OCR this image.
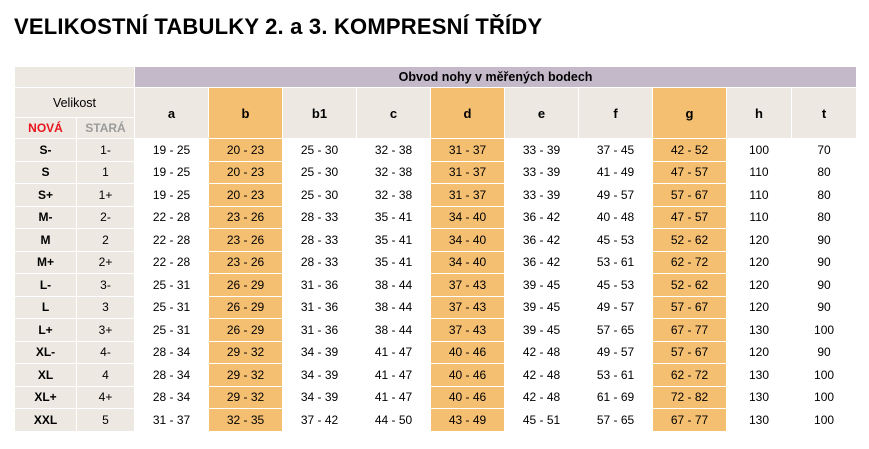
VELIKOSTNÍ TABULKY 2. a 3. KOMPRESNÍ TŘÍDY
		Obvod nohy v měřených bodech									
Velikost		a	b	b1	c	d	e	f	g	h	t
NOVÁ	STARÁ										
S-	1-	19 - 25	20 - 23	25 - 30	32 - 38	31 - 37	33 - 39	37 - 45	42 - 52	100	70
S	1	19 - 25	20 - 23	25 - 30	32 - 38	31 - 37	33 - 39	41 - 49	47 - 57	110	80
S+	1+	19 - 25	20 - 23	25 - 30	32 - 38	31 - 37	33 - 39	49 - 57	57 - 67	110	80
M-	2-	22 - 28	23 - 26	28 - 33	35 - 41	34 - 40	36 - 42	40 - 48	47 - 57	110	80
M	2	22 - 28	23 - 26	28 - 33	35 - 41	34 - 40	36 - 42	45 - 53	52 - 62	120	90
M+	2+	22 - 28	23 - 26	28 - 33	35 - 41	34 - 40	36 - 42	53 - 61	62 - 72	120	90
L-	3-	25 - 31	26 - 29	31 - 36	38 - 44	37 - 43	39 - 45	45 - 53	52 - 62	120	90
L	3	25 - 31	26 - 29	31 - 36	38 - 44	37 - 43	39 - 45	49 - 57	57 - 67	120	90
L+	3+	25 - 31	26 - 29	31 - 36	38 - 44	37 - 43	39 - 45	57 - 65	67 - 77	130	100
XL-	4-	28 - 34	29 - 32	34 - 39	41 - 47	40 - 46	42 - 48	49 - 57	57 - 67	120	90
XL	4	28 - 34	29 - 32	34 - 39	41 - 47	40 - 46	42 - 48	53 - 61	62 - 72	130	100
XL+	4+	28 - 34	29 - 32	34 - 39	41 - 47	40 - 46	42 - 48	61 - 69	72 - 82	130	100
XXL	5	31 - 37	32 - 35	37 - 42	44 - 50	43 - 49	45 - 51	57 - 65	67 - 77	130	100
